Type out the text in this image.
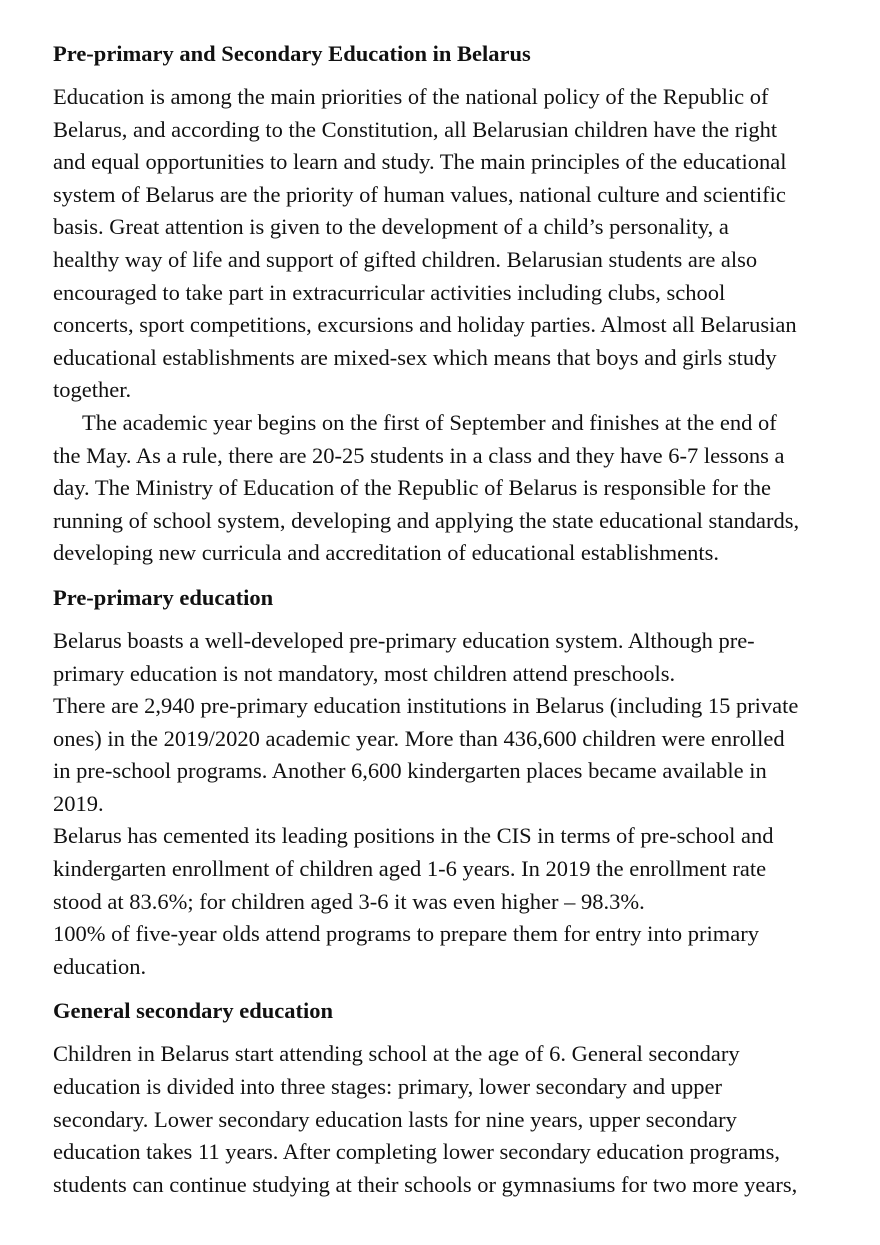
Pre-primary and Secondary Education in Belarus

Education is among the main priorities of the national policy of the Republic of
Belarus, and according to the Constitution, all Belarusian children have the right
and equal opportunities to learn and study. The main principles of the educational
system of Belarus are the priority of human values, national culture and scientific
basis. Great attention is given to the development of a child’s personality, a
healthy way of life and support of gifted children. Belarusian students are also
encouraged to take part in extracurricular activities including clubs, school
concerts, sport competitions, excursions and holiday parties. Almost all Belarusian
educational establishments are mixed-sex which means that boys and girls study
together.

The academic year begins on the first of September and finishes at the end of
the May. As a rule, there are 20-25 students in a class and they have 6-7 lessons a
day. The Ministry of Education of the Republic of Belarus is responsible for the
running of school system, developing and applying the state educational standards,
developing new curricula and accreditation of educational establishments.

Pre-primary education

Belarus boasts a well-developed pre-primary education system. Although pre-
primary education is not mandatory, most children attend preschools.

There are 2,940 pre-primary education institutions in Belarus (including 15 private
ones) in the 2019/2020 academic year. More than 436,600 children were enrolled
in pre-school programs. Another 6,600 kindergarten places became available in
2019.

Belarus has cemented its leading positions in the CIS in terms of pre-school and
kindergarten enrollment of children aged 1-6 years. In 2019 the enrollment rate
stood at 83.6%; for children aged 3-6 it was even higher – 98.3%.

100% of five-year olds attend programs to prepare them for entry into primary
education.

General secondary education

Children in Belarus start attending school at the age of 6. General secondary
education is divided into three stages: primary, lower secondary and upper
secondary. Lower secondary education lasts for nine years, upper secondary
education takes 11 years. After completing lower secondary education programs,
students can continue studying at their schools or gymnasiums for two more years,
